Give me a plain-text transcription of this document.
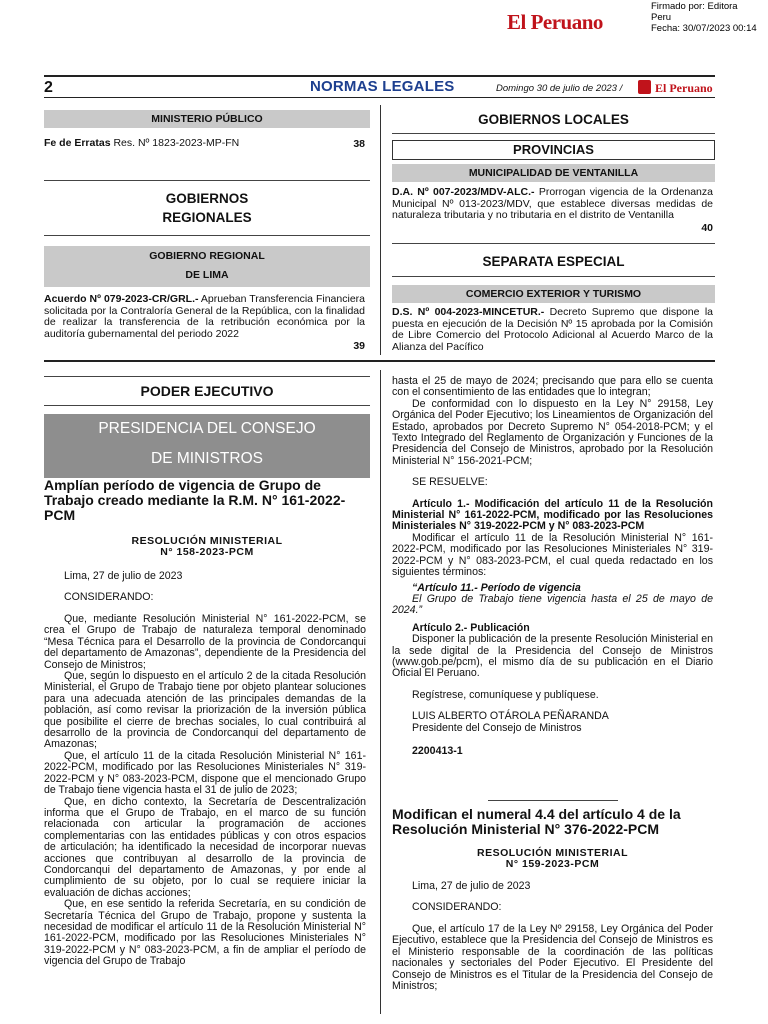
El Peruano
Firmado por: Editora
Peru
Fecha: 30/07/2023 00:14
2	NORMAS LEGALES	Domingo 30 de julio de 2023 /	El Peruano
MINISTERIO PÚBLICO
Fe de Erratas Res. Nº 1823-2023-MP-FN	38
GOBIERNOS
REGIONALES
GOBIERNO REGIONAL
DE LIMA
Acuerdo Nº 079-2023-CR/GRL.- Aprueban Transferencia Financiera solicitada por la Contraloría General de la República, con la finalidad de realizar la transferencia de la retribución económica por la auditoría gubernamental del periodo 2022
39
GOBIERNOS LOCALES
PROVINCIAS
MUNICIPALIDAD DE VENTANILLA
D.A. Nº 007-2023/MDV-ALC.- Prorrogan vigencia de la Ordenanza Municipal Nº 013-2023/MDV, que establece diversas medidas de naturaleza tributaria y no tributaria en el distrito de Ventanilla
40
SEPARATA ESPECIAL
COMERCIO EXTERIOR Y TURISMO
D.S. Nº 004-2023-MINCETUR.- Decreto Supremo que dispone la puesta en ejecución de la Decisión Nº 15 aprobada por la Comisión de Libre Comercio del Protocolo Adicional al Acuerdo Marco de la Alianza del Pacífico
PODER EJECUTIVO
PRESIDENCIA DEL CONSEJO
DE MINISTROS
Amplían período de vigencia de Grupo de Trabajo creado mediante la R.M. N° 161-2022-PCM
RESOLUCIÓN MINISTERIAL
N° 158-2023-PCM
Lima, 27 de julio de 2023
CONSIDERANDO:

Que, mediante Resolución Ministerial N° 161-2022-PCM, se crea el Grupo de Trabajo de naturaleza temporal denominado “Mesa Técnica para el Desarrollo de la provincia de Condorcanqui del departamento de Amazonas”, dependiente de la Presidencia del Consejo de Ministros;

Que, según lo dispuesto en el artículo 2 de la citada Resolución Ministerial, el Grupo de Trabajo tiene por objeto plantear soluciones para una adecuada atención de las principales demandas de la población, así como revisar la priorización de la inversión pública que posibilite el cierre de brechas sociales, lo cual contribuirá al desarrollo de la provincia de Condorcanqui del departamento de Amazonas;

Que, el artículo 11 de la citada Resolución Ministerial N° 161-2022-PCM, modificado por las Resoluciones Ministeriales N° 319-2022-PCM y N° 083-2023-PCM, dispone que el mencionado Grupo de Trabajo tiene vigencia hasta el 31 de julio de 2023;

Que, en dicho contexto, la Secretaría de Descentralización informa que el Grupo de Trabajo, en el marco de su función relacionada con articular la programación de acciones complementarias con las entidades públicas y con otros espacios de articulación; ha identificado la necesidad de incorporar nuevas acciones que contribuyan al desarrollo de la provincia de Condorcanqui del departamento de Amazonas, y por ende al cumplimiento de su objeto, por lo cual se requiere iniciar la evaluación de dichas acciones;

Que, en ese sentido la referida Secretaría, en su condición de Secretaría Técnica del Grupo de Trabajo, propone y sustenta la necesidad de modificar el artículo 11 de la Resolución Ministerial N° 161-2022-PCM, modificado por las Resoluciones Ministeriales N° 319-2022-PCM y N° 083-2023-PCM, a fin de ampliar el período de vigencia del Grupo de Trabajo

hasta el 25 de mayo de 2024; precisando que para ello se cuenta con el consentimiento de las entidades que lo integran;

De conformidad con lo dispuesto en la Ley N° 29158, Ley Orgánica del Poder Ejecutivo; los Lineamientos de Organización del Estado, aprobados por Decreto Supremo N° 054-2018-PCM; y el Texto Integrado del Reglamento de Organización y Funciones de la Presidencia del Consejo de Ministros, aprobado por la Resolución Ministerial N° 156-2021-PCM;

SE RESUELVE:

Artículo 1.- Modificación del artículo 11 de la Resolución Ministerial N° 161-2022-PCM, modificado por las Resoluciones Ministeriales N° 319-2022-PCM y N° 083-2023-PCM

Modificar el artículo 11 de la Resolución Ministerial N° 161-2022-PCM, modificado por las Resoluciones Ministeriales N° 319-2022-PCM y N° 083-2023-PCM, el cual queda redactado en los siguientes términos:

“Artículo 11.- Período de vigencia

El Grupo de Trabajo tiene vigencia hasta el 25 de mayo de 2024.”

Artículo 2.- Publicación

Disponer la publicación de la presente Resolución Ministerial en la sede digital de la Presidencia del Consejo de Ministros (www.gob.pe/pcm), el mismo día de su publicación en el Diario Oficial El Peruano.

Regístrese, comuníquese y publíquese.

LUIS ALBERTO OTÁROLA PEÑARANDA

Presidente del Consejo de Ministros

2200413-1

Modifican el numeral 4.4 del artículo 4 de la Resolución Ministerial N° 376-2022-PCM
RESOLUCIÓN MINISTERIAL
N° 159-2023-PCM
Lima, 27 de julio de 2023
CONSIDERANDO:
Que, el artículo 17 de la Ley Nº 29158, Ley Orgánica del Poder Ejecutivo, establece que la Presidencia del Consejo de Ministros es el Ministerio responsable de la coordinación de las políticas nacionales y sectoriales del Poder Ejecutivo. El Presidente del Consejo de Ministros es el Titular de la Presidencia del Consejo de Ministros;
